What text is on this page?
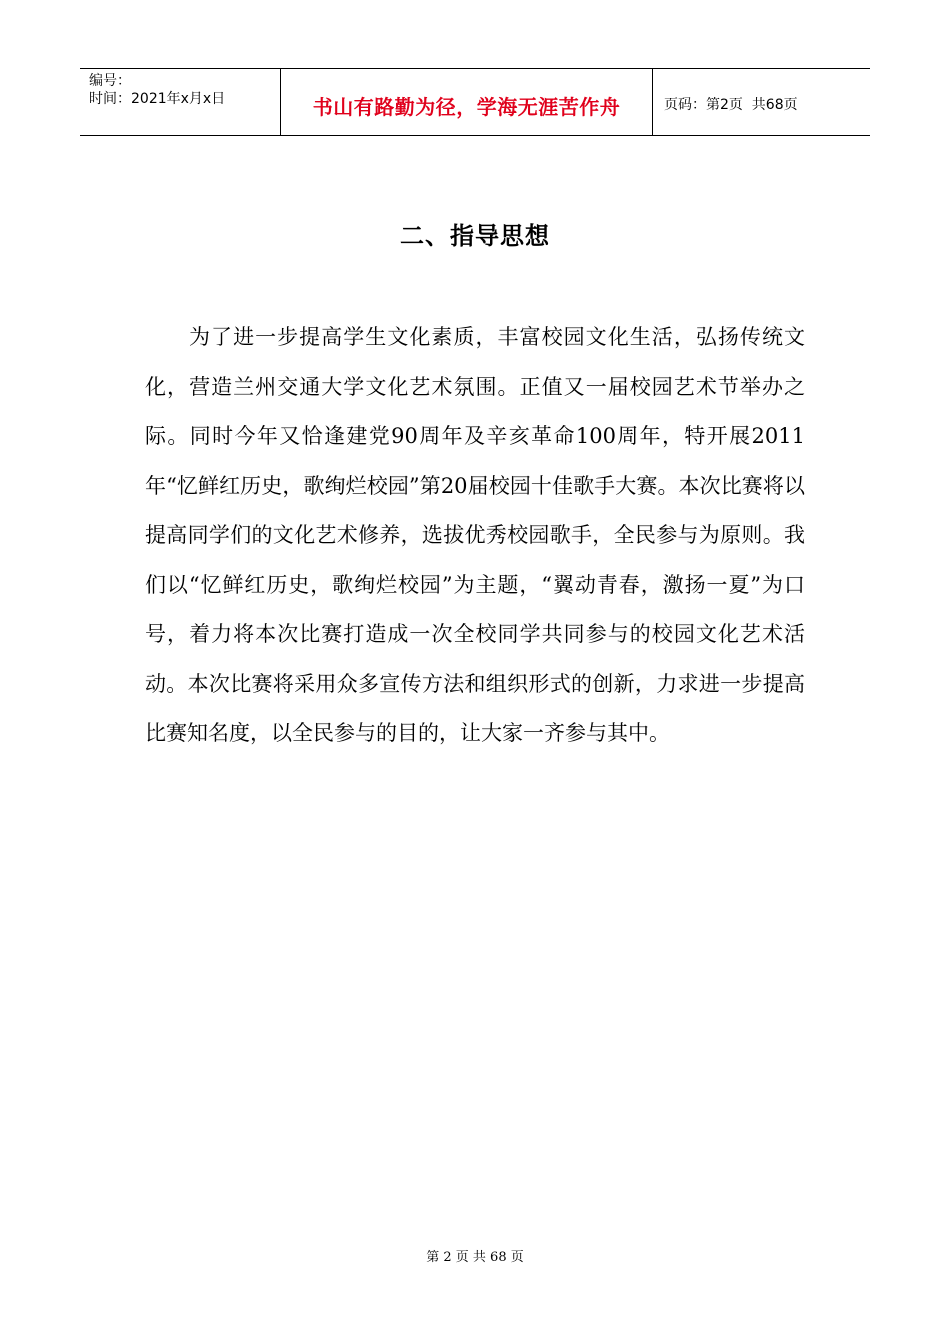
编号：
时间：2021年x月x日	书山有路勤为径，学海无涯苦作舟	页码：第2页  共68页
二、指导思想

为了进一步提高学生文化素质，丰富校园文化生活，弘扬传统文化，营造兰州交通大学文化艺术氛围。正值又一届校园艺术节举办之际。同时今年又恰逢建党90周年及辛亥革命100周年，特开展2011年“忆鲜红历史，歌绚烂校园”第20届校园十佳歌手大赛。本次比赛将以提高同学们的文化艺术修养，选拔优秀校园歌手，全民参与为原则。我们以“忆鲜红历史，歌绚烂校园”为主题，“翼动青春，激扬一夏”为口号，着力将本次比赛打造成一次全校同学共同参与的校园文化艺术活动。本次比赛将采用众多宣传方法和组织形式的创新，力求进一步提高比赛知名度，以全民参与的目的，让大家一齐参与其中。

第 2 页 共 68 页
